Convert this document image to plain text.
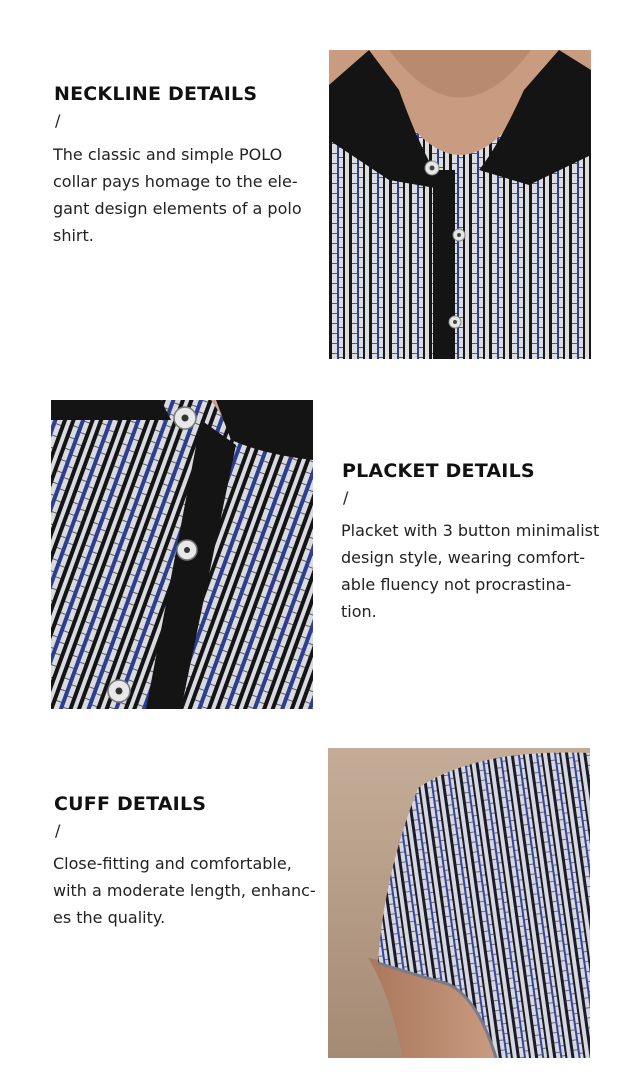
NECKLINE DETAILS
/

The classic and simple POLO
collar pays homage to the ele-
gant design elements of a polo
shirt.

PLACKET DETAILS
/

Placket with 3 button minimalist
design style, wearing comfort-
able fluency not procrastina-
tion.

CUFF DETAILS
/

Close-fitting and comfortable,
with a moderate length, enhanc-
es the quality.
